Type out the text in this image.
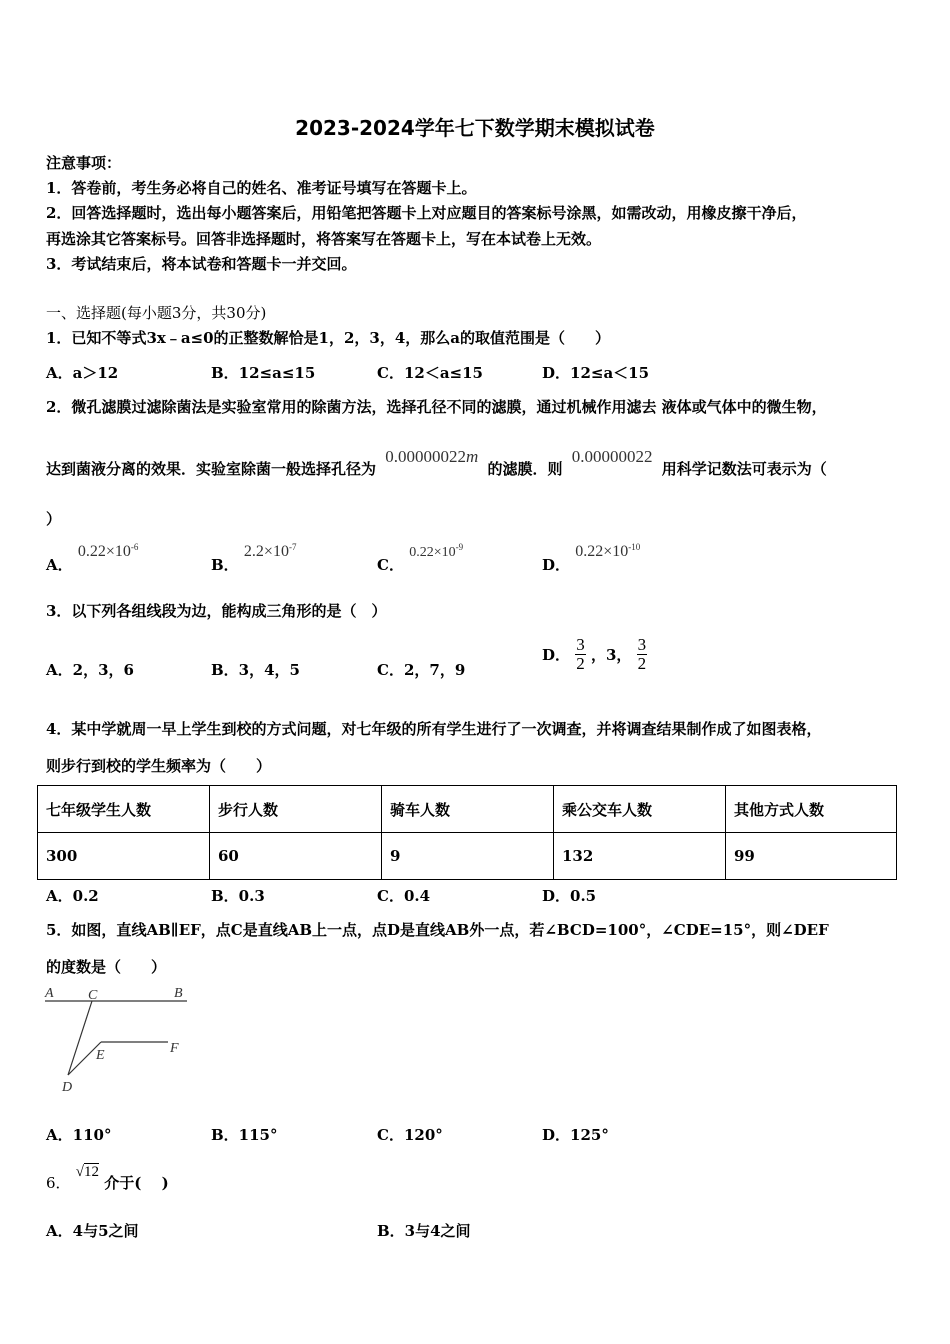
2023-2024学年七下数学期末模拟试卷
注意事项：
1．答卷前，考生务必将自己的姓名、准考证号填写在答题卡上。
2．回答选择题时，选出每小题答案后，用铅笔把答题卡上对应题目的答案标号涂黑，如需改动，用橡皮擦干净后，
再选涂其它答案标号。回答非选择题时，将答案写在答题卡上，写在本试卷上无效。
3．考试结束后，将本试卷和答题卡一并交回。
一、选择题(每小题3分，共30分)
1．已知不等式3x﹣a≤0的正整数解恰是1，2，3，4，那么a的取值范围是（　　）
A．a＞12	B．12≤a≤15	C．12＜a≤15	D．12≤a＜15
2．微孔滤膜过滤除菌法是实验室常用的除菌方法，选择孔径不同的滤膜，通过机械作用滤去 液体或气体中的微生物，
达到菌液分离的效果．实验室除菌一般选择孔径为 0.00000022m 的滤膜．则 0.00000022 用科学记数法可表示为（
）
A． $0.22\times 10^{-6}$
B． $2.2\times 10^{-7}$
C． $0.22\times 10^{-9}$
D． $0.22\times 10^{-10}$
3．以下列各组线段为边，能构成三角形的是（　）
A．2，3，6	B．3，4，5	C．2，7，9
D． $\frac{3}{2}$ ，3， $\frac{3}{2}$
4．某中学就周一早上学生到校的方式问题，对七年级的所有学生进行了一次调查，并将调查结果制作成了如图表格，
则步行到校的学生频率为（　　）
七年级学生人数	步行人数	骑车人数	乘公交车人数	其他方式人数
300	60	9	132	99
A．0.2	B．0.3	C．0.4	D．0.5
5．如图，直线AB∥EF，点C是直线AB上一点，点D是直线AB外一点，若∠BCD=100°，∠CDE=15°，则∠DEF
的度数是（　　）
A C	B
E	F
D
A．110°	B．115°	C．120°	D．125°
6． √12 介于(　 )
A．4与5之间	B．3与4之间
